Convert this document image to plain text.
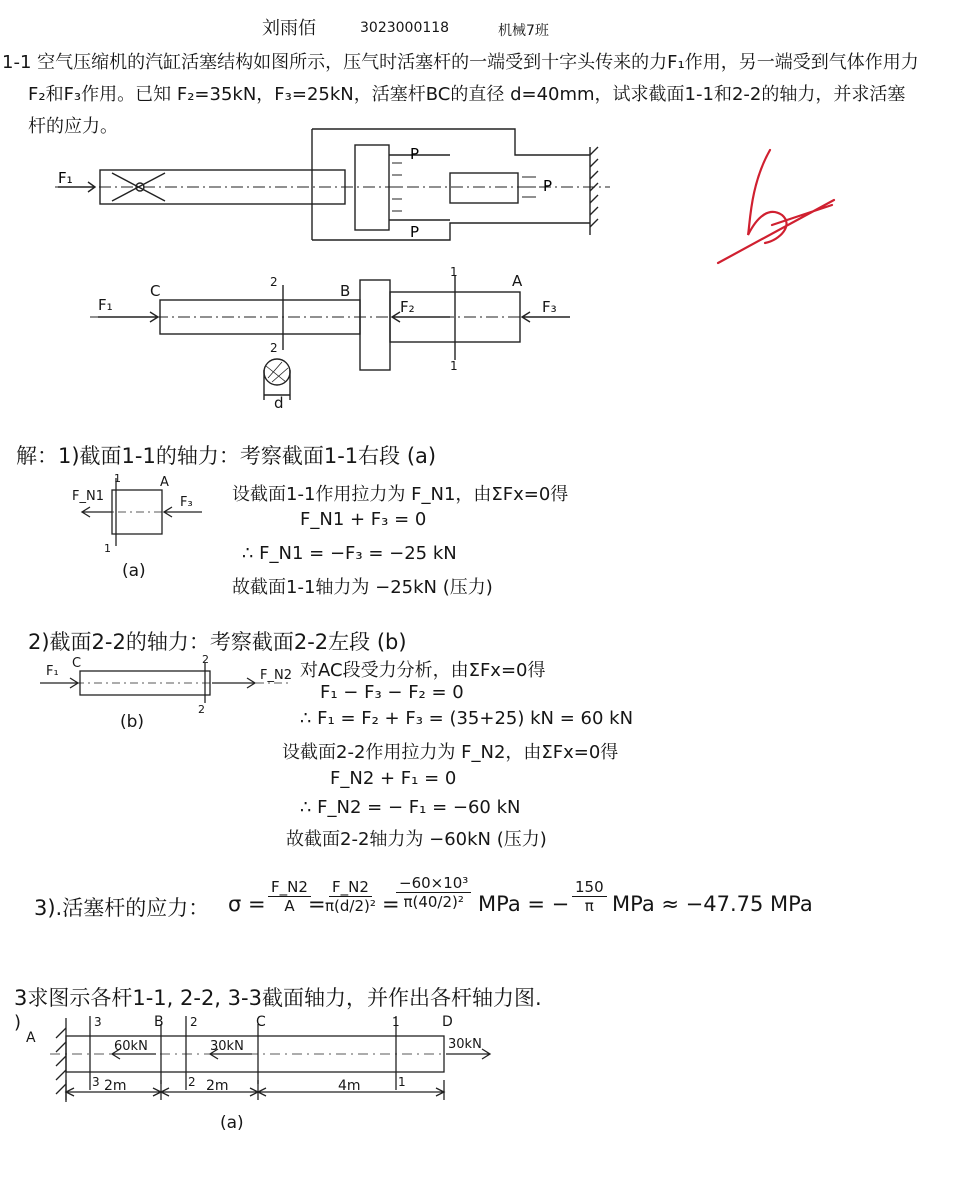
刘雨佰	3023000118	机械7班
1-1 空气压缩机的汽缸活塞结构如图所示，压气时活塞杆的一端受到十字头传来的力F₁作用，另一端受到气体作用力
F₂和F₃作用。已知 F₂=35kN，F₃=25kN，活塞杆BC的直径 d=40mm，试求截面1-1和2-2的轴力，并求活塞
杆的应力。
F₁
P
P
P
C	B
A
F₁	F₂	F₃
2
2
1
1
d
解：1)截面1-1的轴力：考察截面1-1右段 (a)
F_N1	F₃
A
1
1
(a)
设截面1-1作用拉力为 F_N1，由ΣFx=0得
F_N1 + F₃ = 0
∴ F_N1 = −F₃ = −25 kN
故截面1-1轴力为 −25kN (压力)
2)截面2-2的轴力：考察截面2-2左段 (b)
F₁
C
F_N2
2
2
(b)
对AC段受力分析，由ΣFx=0得
F₁ − F₃ − F₂ = 0
∴ F₁ = F₂ + F₃ = (35+25) kN = 60 kN
设截面2-2作用拉力为 F_N2，由ΣFx=0得
F_N2 + F₁ = 0
∴ F_N2 = − F₁ = −60 kN
故截面2-2轴力为 −60kN (压力)
3).活塞杆的应力： $\sigma = \frac{F\_N2}{A}$
=
$\frac{F\_N2}{\text{π(d/2)²}}$ =
$\frac{\text{−60×10³}}{\text{π(40/2)²}}$ MPa = − $\frac{150}{\pi}$ MPa ≈ −47.75 MPa
3求图示各杆1-1, 2-2, 3-3截面轴力，并作出各杆轴力图.
)
A
B	C	D
3
3
2
2
1
1
60kN	30kN	30kN
2m	2m	4m
(a)
